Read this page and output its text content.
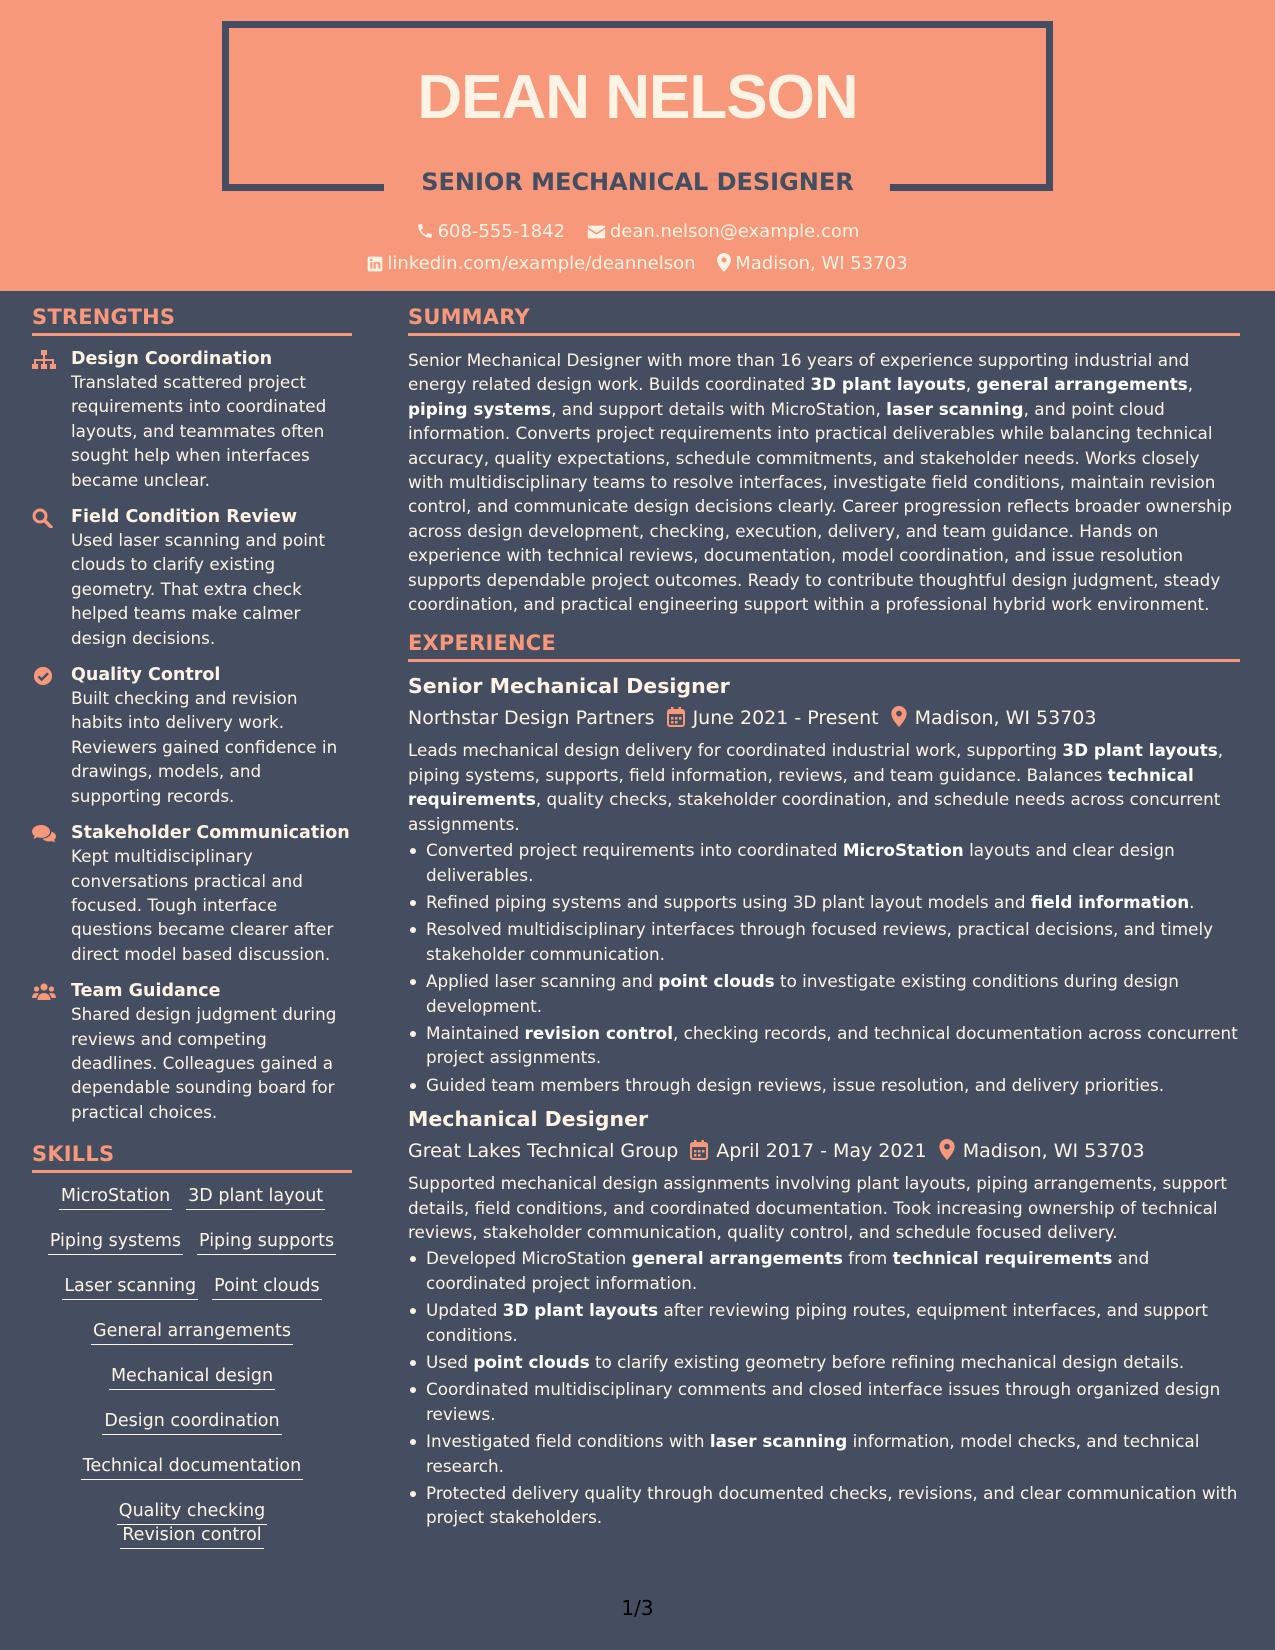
DEAN NELSON
SENIOR MECHANICAL DESIGNER
608-555-1842 dean.nelson@example.com
linkedin.com/example/deannelson Madison, WI 53703
STRENGTHS
Design Coordination
Translated scattered project requirements into coordinated layouts, and teammates often sought help when interfaces became unclear.
Field Condition Review
Used laser scanning and point clouds to clarify existing geometry. That extra check helped teams make calmer design decisions.
Quality Control
Built checking and revision habits into delivery work. Reviewers gained confidence in drawings, models, and supporting records.
Stakeholder Communication
Kept multidisciplinary conversations practical and focused. Tough interface questions became clearer after direct model based discussion.
Team Guidance
Shared design judgment during reviews and competing deadlines. Colleagues gained a dependable sounding board for practical choices.
SKILLS
MicroStation 3D plant layout
Piping systems Piping supports
Laser scanning Point clouds
General arrangements
Mechanical design
Design coordination
Technical documentation
Quality checkingRevision control
SUMMARY
Senior Mechanical Designer with more than 16 years of experience supporting industrial and energy related design work. Builds coordinated 3D plant layouts, general arrangements, piping systems, and support details with MicroStation, laser scanning, and point cloud information. Converts project requirements into practical deliverables while balancing technical accuracy, quality expectations, schedule commitments, and stakeholder needs. Works closely with multidisciplinary teams to resolve interfaces, investigate field conditions, maintain revision control, and communicate design decisions clearly. Career progression reflects broader ownership across design development, checking, execution, delivery, and team guidance. Hands on experience with technical reviews, documentation, model coordination, and issue resolution supports dependable project outcomes. Ready to contribute thoughtful design judgment, steady coordination, and practical engineering support within a professional hybrid work environment.
EXPERIENCE
Senior Mechanical Designer
Northstar Design Partners June 2021 - Present Madison, WI 53703
Leads mechanical design delivery for coordinated industrial work, supporting 3D plant layouts, piping systems, supports, field information, reviews, and team guidance. Balances technical requirements, quality checks, stakeholder coordination, and schedule needs across concurrent assignments.
Converted project requirements into coordinated MicroStation layouts and clear design deliverables.
Refined piping systems and supports using 3D plant layout models and field information.
Resolved multidisciplinary interfaces through focused reviews, practical decisions, and timely stakeholder communication.
Applied laser scanning and point clouds to investigate existing conditions during design development.
Maintained revision control, checking records, and technical documentation across concurrent project assignments.
Guided team members through design reviews, issue resolution, and delivery priorities.
Mechanical Designer
Great Lakes Technical Group April 2017 - May 2021 Madison, WI 53703
Supported mechanical design assignments involving plant layouts, piping arrangements, support details, field conditions, and coordinated documentation. Took increasing ownership of technical reviews, stakeholder communication, quality control, and schedule focused delivery.
Developed MicroStation general arrangements from technical requirements and coordinated project information.
Updated 3D plant layouts after reviewing piping routes, equipment interfaces, and support conditions.
Used point clouds to clarify existing geometry before refining mechanical design details.
Coordinated multidisciplinary comments and closed interface issues through organized design reviews.
Investigated field conditions with laser scanning information, model checks, and technical research.
Protected delivery quality through documented checks, revisions, and clear communication with project stakeholders.
1/3
